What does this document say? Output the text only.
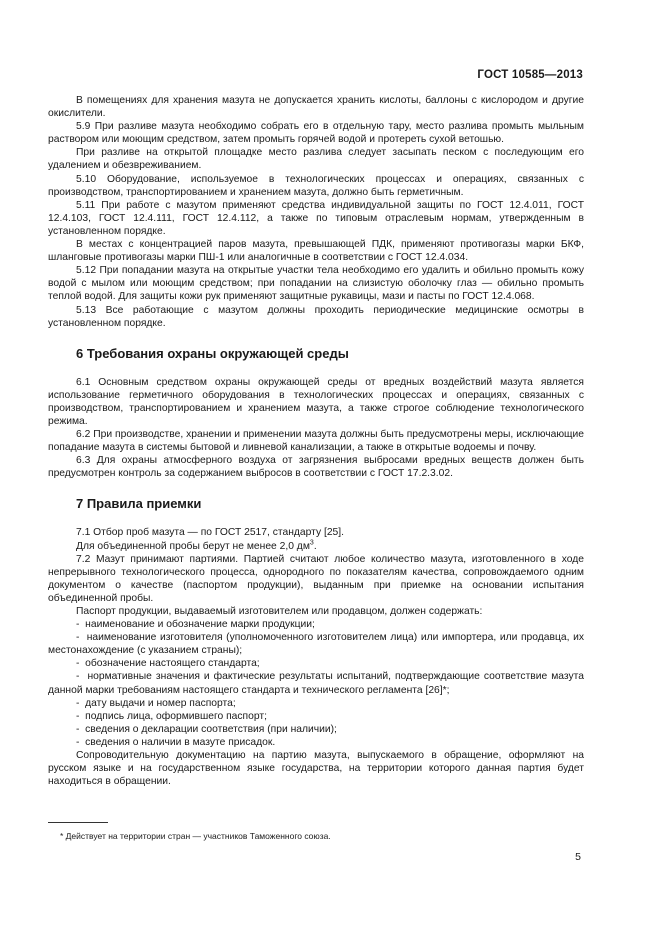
ГОСТ 10585—2013

В помещениях для хранения мазута не допускается хранить кислоты, баллоны с кислородом и другие окислители.

5.9 При разливе мазута необходимо собрать его в отдельную тару, место разлива промыть мыльным раствором или моющим средством, затем промыть горячей водой и протереть сухой ветошью.

При разливе на открытой площадке место разлива следует засыпать песком с последующим его удалением и обезвреживанием.

5.10 Оборудование, используемое в технологических процессах и операциях, связанных с производством, транспортированием и хранением мазута, должно быть герметичным.

5.11 При работе с мазутом применяют средства индивидуальной защиты по ГОСТ 12.4.011, ГОСТ 12.4.103, ГОСТ 12.4.111, ГОСТ 12.4.112, а также по типовым отраслевым нормам, утвержденным в установленном порядке.

В местах с концентрацией паров мазута, превышающей ПДК, применяют противогазы марки БКФ, шланговые противогазы марки ПШ-1 или аналогичные в соответствии с ГОСТ 12.4.034.

5.12 При попадании мазута на открытые участки тела необходимо его удалить и обильно промыть кожу водой с мылом или моющим средством; при попадании на слизистую оболочку глаз — обильно промыть теплой водой. Для защиты кожи рук применяют защитные рукавицы, мази и пасты по ГОСТ 12.4.068.

5.13 Все работающие с мазутом должны проходить периодические медицинские осмотры в установленном порядке.

6 Требования охраны окружающей среды

6.1 Основным средством охраны окружающей среды от вредных воздействий мазута является использование герметичного оборудования в технологических процессах и операциях, связанных с производством, транспортированием и хранением мазута, а также строгое соблюдение технологического режима.

6.2 При производстве, хранении и применении мазута должны быть предусмотрены меры, исключающие попадание мазута в системы бытовой и ливневой канализации, а также в открытые водоемы и почву.

6.3 Для охраны атмосферного воздуха от загрязнения выбросами вредных веществ должен быть предусмотрен контроль за содержанием выбросов в соответствии с ГОСТ 17.2.3.02.

7 Правила приемки

7.1 Отбор проб мазута — по ГОСТ 2517, стандарту [25].

Для объединенной пробы берут не менее 2,0 $дм^3$.

7.2 Мазут принимают партиями. Партией считают любое количество мазута, изготовленного в ходе непрерывного технологического процесса, однородного по показателям качества, сопровождаемого одним документом о качестве (паспортом продукции), выданным при приемке на основании испытания объединенной пробы.

Паспорт продукции, выдаваемый изготовителем или продавцом, должен содержать:

-  наименование и обозначение марки продукции;

-  наименование изготовителя (уполномоченного изготовителем лица) или импортера, или продавца, их местонахождение (с указанием страны);

-  обозначение настоящего стандарта;

-  нормативные значения и фактические результаты испытаний, подтверждающие соответствие мазута данной марки требованиям настоящего стандарта и технического регламента [26]*;

-  дату выдачи и номер паспорта;

-  подпись лица, оформившего паспорт;

-  сведения о декларации соответствия (при наличии);

-  сведения о наличии в мазуте присадок.

Сопроводительную документацию на партию мазута, выпускаемого в обращение, оформляют на русском языке и на государственном языке государства, на территории которого данная партия будет находиться в обращении.

* Действует на территории стран — участников Таможенного союза.
5
